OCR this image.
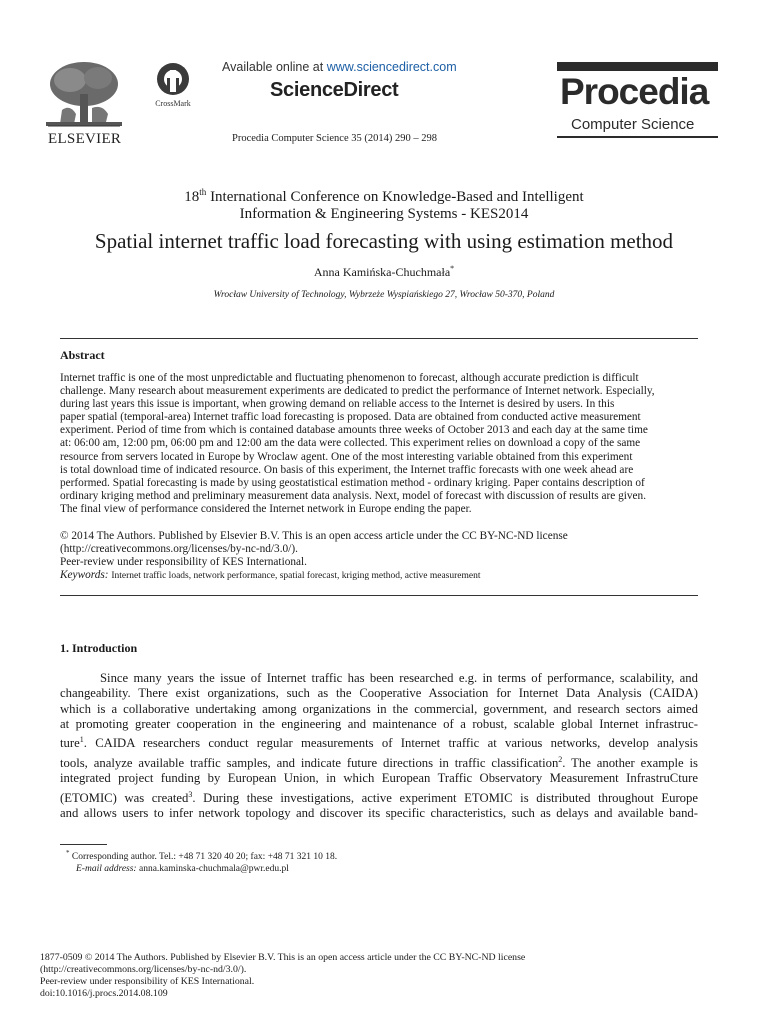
ELSEVIER
CrossMark
Available online at www.sciencedirect.com
ScienceDirect
Procedia Computer Science 35 (2014) 290 – 298
Procedia
Computer Science
18th International Conference on Knowledge-Based and Intelligent
Information & Engineering Systems - KES2014
Spatial internet traffic load forecasting with using estimation method
Anna Kamińska-Chuchmała*
Wrocław University of Technology, Wybrzeże Wyspiańskiego 27, Wrocław 50-370, Poland
Abstract
Internet traffic is one of the most unpredictable and fluctuating phenomenon to forecast, although accurate prediction is difficult
challenge. Many research about measurement experiments are dedicated to predict the performance of Internet network. Especially,
during last years this issue is important, when growing demand on reliable access to the Internet is desired by users. In this
paper spatial (temporal-area) Internet traffic load forecasting is proposed. Data are obtained from conducted active measurement
experiment. Period of time from which is contained database amounts three weeks of October 2013 and each day at the same time
at: 06:00 am, 12:00 pm, 06:00 pm and 12:00 am the data were collected. This experiment relies on download a copy of the same
resource from servers located in Europe by Wroclaw agent. One of the most interesting variable obtained from this experiment
is total download time of indicated resource. On basis of this experiment, the Internet traffic forecasts with one week ahead are
performed. Spatial forecasting is made by using geostatistical estimation method - ordinary kriging. Paper contains description of
ordinary kriging method and preliminary measurement data analysis. Next, model of forecast with discussion of results are given.
The final view of performance considered the Internet network in Europe ending the paper.
© 2014 The Authors. Published by Elsevier B.V. This is an open access article under the CC BY-NC-ND license
(http://creativecommons.org/licenses/by-nc-nd/3.0/).
Peer-review under responsibility of KES International.
Keywords: Internet traffic loads, network performance, spatial forecast, kriging method, active measurement
1. Introduction
Since many years the issue of Internet traffic has been researched e.g. in terms of performance, scalability, and
changeability. There exist organizations, such as the Cooperative Association for Internet Data Analysis (CAIDA)
which is a collaborative undertaking among organizations in the commercial, government, and research sectors aimed
at promoting greater cooperation in the engineering and maintenance of a robust, scalable global Internet infrastruc-
ture$^1$. CAIDA researchers conduct regular measurements of Internet traffic at various networks, develop analysis
tools, analyze available traffic samples, and indicate future directions in traffic classification$^2$. The another example is
integrated project funding by European Union, in which European Traffic Observatory Measurement InfrastruCture
(ETOMIC) was created$^3$. During these investigations, active experiment ETOMIC is distributed throughout Europe
and allows users to infer network topology and discover its specific characteristics, such as delays and available band-
* Corresponding author. Tel.: +48 71 320 40 20; fax: +48 71 321 10 18.
E-mail address: anna.kaminska-chuchmala@pwr.edu.pl
1877-0509 © 2014 The Authors. Published by Elsevier B.V. This is an open access article under the CC BY-NC-ND license
(http://creativecommons.org/licenses/by-nc-nd/3.0/).
Peer-review under responsibility of KES International.
doi:10.1016/j.procs.2014.08.109
